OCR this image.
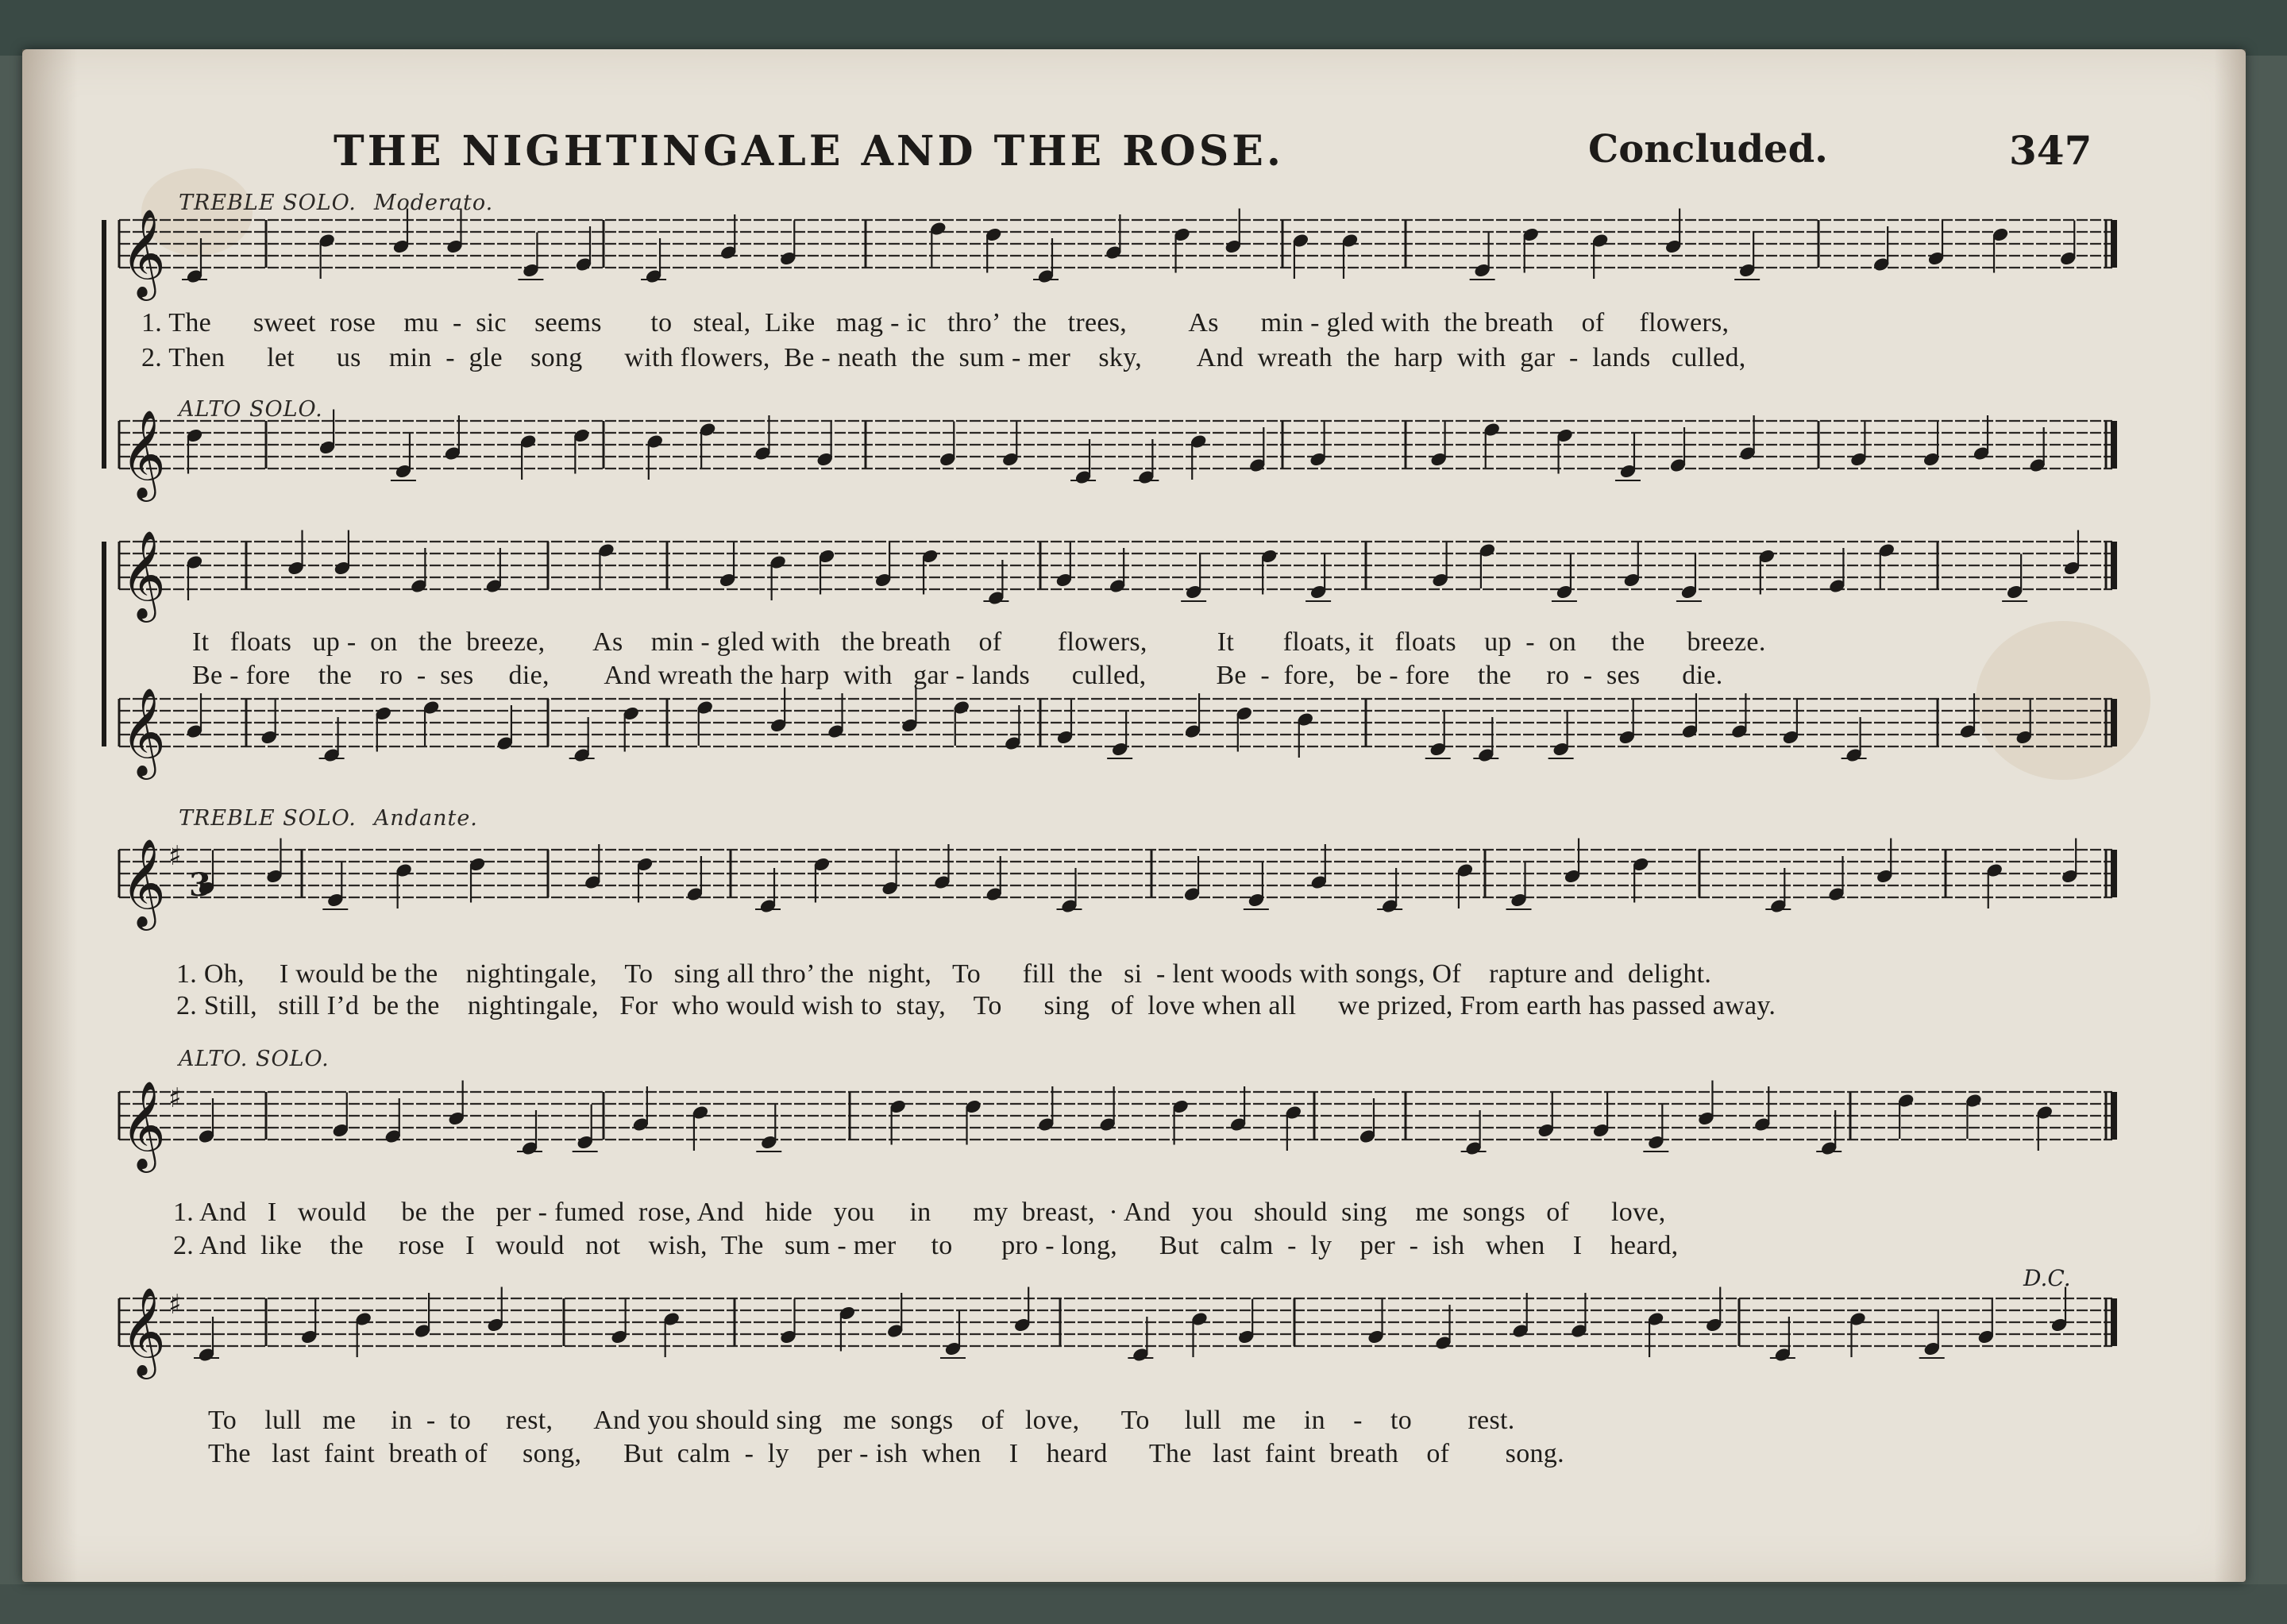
THE NIGHTINGALE AND THE ROSE.	Concluded.	347
TREBLE SOLO. Moderato.
ALTO SOLO.
1. The      sweet  rose    mu  -  sic    seems       to   steal,  Like   mag - ic   thro’  the   trees,         As      min - gled with  the breath    of     flowers,
2. Then      let      us    min  -  gle    song      with flowers,  Be - neath  the  sum - mer    sky,        And  wreath  the  harp  with  gar  -  lands   culled,
It   floats   up -  on   the  breeze,       As    min - gled with   the breath    of        flowers,          It       floats, it   floats    up  -  on     the      breeze.
Be - fore    the    ro  -  ses     die,        And wreath the harp  with   gar - lands      culled,          Be  -  fore,   be - fore    the     ro  -  ses      die.
TREBLE SOLO. Andante.
ALTO. SOLO.
1. Oh,     I would be the    nightingale,    To   sing all thro’ the  night,   To      fill  the   si  - lent woods with songs, Of    rapture and  delight.
2. Still,   still I’d  be the    nightingale,   For  who would wish to  stay,    To      sing   of  love when all      we prized, From earth has passed away.
1. And   I   would     be  the   per - fumed  rose, And   hide   you     in      my  breast,  · And   you   should  sing    me  songs   of      love,
2. And  like    the     rose   I   would   not    wish,  The   sum - mer     to       pro - long,      But   calm  -  ly    per  -  ish   when    I    heard,
To    lull   me     in  -  to     rest,      And you should sing   me  songs    of   love,      To     lull   me    in    -    to        rest.
The   last  faint  breath of     song,      But  calm  -  ly    per - ish  when    I    heard      The   last  faint  breath    of        song.
D.C.
𝄞
𝄞
𝄞
𝄞
𝄞 ♯
𝄞 ♯
𝄞 ♯
3
